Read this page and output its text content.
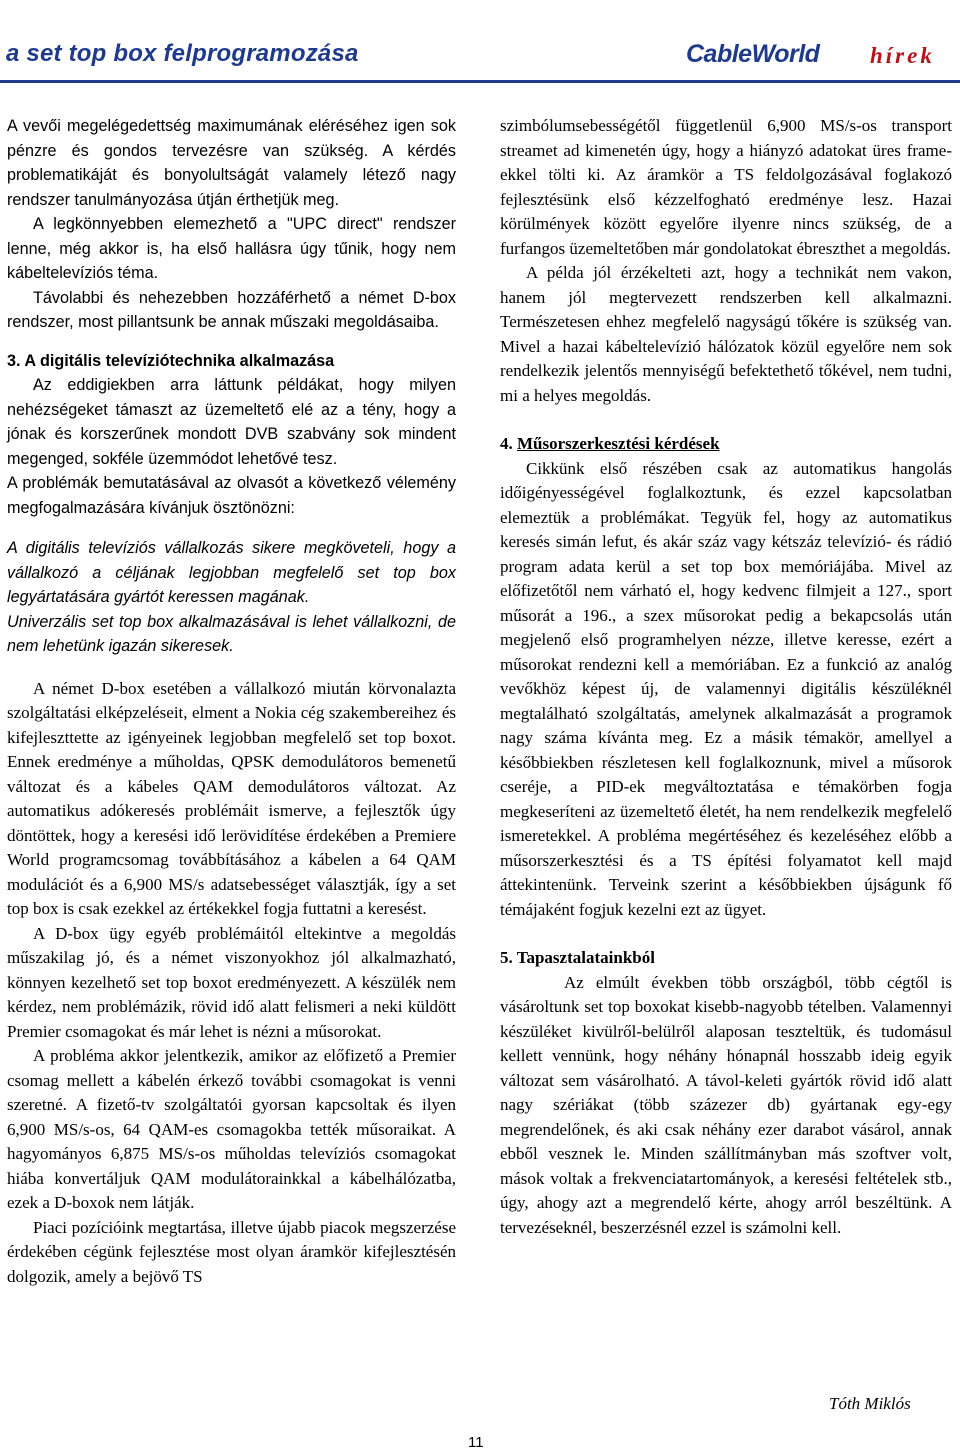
a set top box felprogramozása	CableWorld hírek

A vevői megelégedettség maximumának eléréséhez igen sok pénzre és gondos tervezésre van szükség. A kérdés problematikáját és bonyolultságát valamely létező nagy rendszer tanulmányozása útján érthetjük meg.

A legkönnyebben elemezhető a "UPC direct" rendszer lenne, még akkor is, ha első hallásra úgy tűnik, hogy nem kábeltelevíziós téma.

Távolabbi és nehezebben hozzáférhető a német D-box rendszer, most pillantsunk be annak műszaki megoldásaiba.

3. A digitális televíziótechnika alkalmazása

Az eddigiekben arra láttunk példákat, hogy milyen nehézségeket támaszt az üzemeltető elé az a tény, hogy a jónak és korszerűnek mondott DVB szabvány sok mindent megenged, sokféle üzemmódot lehetővé tesz.

A problémák bemutatásával az olvasót a következő vélemény megfogalmazására kívánjuk ösztönözni:

A digitális televíziós vállalkozás sikere megköveteli, hogy a vállalkozó a céljának legjobban megfelelő set top box legyártatására gyártót keressen magának.

Univerzális set top box alkalmazásával is lehet vállalkozni, de nem lehetünk igazán sikeresek.

A német D-box esetében a vállalkozó miután körvonalazta szolgáltatási elképzeléseit, elment a Nokia cég szakembereihez és kifejleszttette az igényeinek legjobban megfelelő set top boxot. Ennek eredménye a műholdas, QPSK demodulátoros bemenetű változat és a kábeles QAM demodulátoros változat. Az automatikus adókeresés problémáit ismerve, a fejlesztők úgy döntöttek, hogy a keresési idő lerövidítése érdekében a Premiere World programcsomag továbbításához a kábelen a 64 QAM modulációt és a 6,900 MS/s adatsebességet választják, így a set top box is csak ezekkel az értékekkel fogja futtatni a keresést.

A D-box ügy egyéb problémáitól eltekintve a megoldás műszakilag jó, és a német viszonyokhoz jól alkalmazható, könnyen kezelhető set top boxot eredményezett. A készülék nem kérdez, nem problémázik, rövid idő alatt felismeri a neki küldött Premier csomagokat és már lehet is nézni a műsorokat.

A probléma akkor jelentkezik, amikor az előfizető a Premier csomag mellett a kábelén érkező további csomagokat is venni szeretné. A fizető-tv szolgáltatói gyorsan kapcsoltak és ilyen 6,900 MS/s-os, 64 QAM-es csomagokba tették műsoraikat. A hagyományos 6,875 MS/s-os műholdas televíziós csomagokat hiába konvertáljuk QAM modulátorainkkal a kábelhálózatba, ezek a D-boxok nem látják.

Piaci pozícióink megtartása, illetve újabb piacok megszerzése érdekében cégünk fejlesztése most olyan áramkör kifejlesztésén dolgozik, amely a bejövő TS

szimbólumsebességétől függetlenül 6,900 MS/s-os transport streamet ad kimenetén úgy, hogy a hiányzó adatokat üres frame-ekkel tölti ki. Az áramkör a TS feldolgozásával foglakozó fejlesztésünk első kézzelfogható eredménye lesz. Hazai körülmények között egyelőre ilyenre nincs szükség, de a furfangos üzemeltetőben már gondolatokat ébreszthet a megoldás.

A példa jól érzékelteti azt, hogy a technikát nem vakon, hanem jól megtervezett rendszerben kell alkalmazni. Természetesen ehhez megfelelő nagyságú tőkére is szükség van. Mivel a hazai kábeltelevízió hálózatok közül egyelőre nem sok rendelkezik jelentős mennyiségű befektethető tőkével, nem tudni, mi a helyes megoldás.

4. Műsorszerkesztési kérdések

Cikkünk első részében csak az automatikus hangolás időigényességével foglalkoztunk, és ezzel kapcsolatban elemeztük a problémákat. Tegyük fel, hogy az automatikus keresés simán lefut, és akár száz vagy kétszáz televízió- és rádió program adata kerül a set top box memóriájába. Mivel az előfizetőtől nem várható el, hogy kedvenc filmjeit a 127., sport műsorát a 196., a szex műsorokat pedig a bekapcsolás után megjelenő első programhelyen nézze, illetve keresse, ezért a műsorokat rendezni kell a memóriában. Ez a funkció az analóg vevőkhöz képest új, de valamennyi digitális készüléknél megtalálható szolgáltatás, amelynek alkalmazását a programok nagy száma kívánta meg. Ez a másik témakör, amellyel a későbbiekben részletesen kell foglalkoznunk, mivel a műsorok cseréje, a PID-ek megváltoztatása e témakörben fogja megkeseríteni az üzemeltető életét, ha nem rendelkezik megfelelő ismeretekkel. A probléma megértéséhez és kezeléséhez előbb a műsorszerkesztési és a TS építési folyamatot kell majd áttekintenünk. Terveink szerint a későbbiekben újságunk fő témájaként fogjuk kezelni ezt az ügyet.

5. Tapasztalatainkból

Az elmúlt években több országból, több cégtől is vásároltunk set top boxokat kisebb-nagyobb tételben. Valamennyi készüléket kivülről-belülről alaposan teszteltük, és tudomásul kellett vennünk, hogy néhány hónapnál hosszabb ideig egyik változat sem vásárolható. A távol-keleti gyártók rövid idő alatt nagy szériákat (több százezer db) gyártanak egy-egy megrendelőnek, és aki csak néhány ezer darabot vásárol, annak ebből vesznek le. Minden szállítmányban más szoftver volt, mások voltak a frekvenciatartományok, a keresési feltételek stb., úgy, ahogy azt a megrendelő kérte, ahogy arról beszéltünk. A tervezéseknél, beszerzésnél ezzel is számolni kell.

Tóth Miklós
11
